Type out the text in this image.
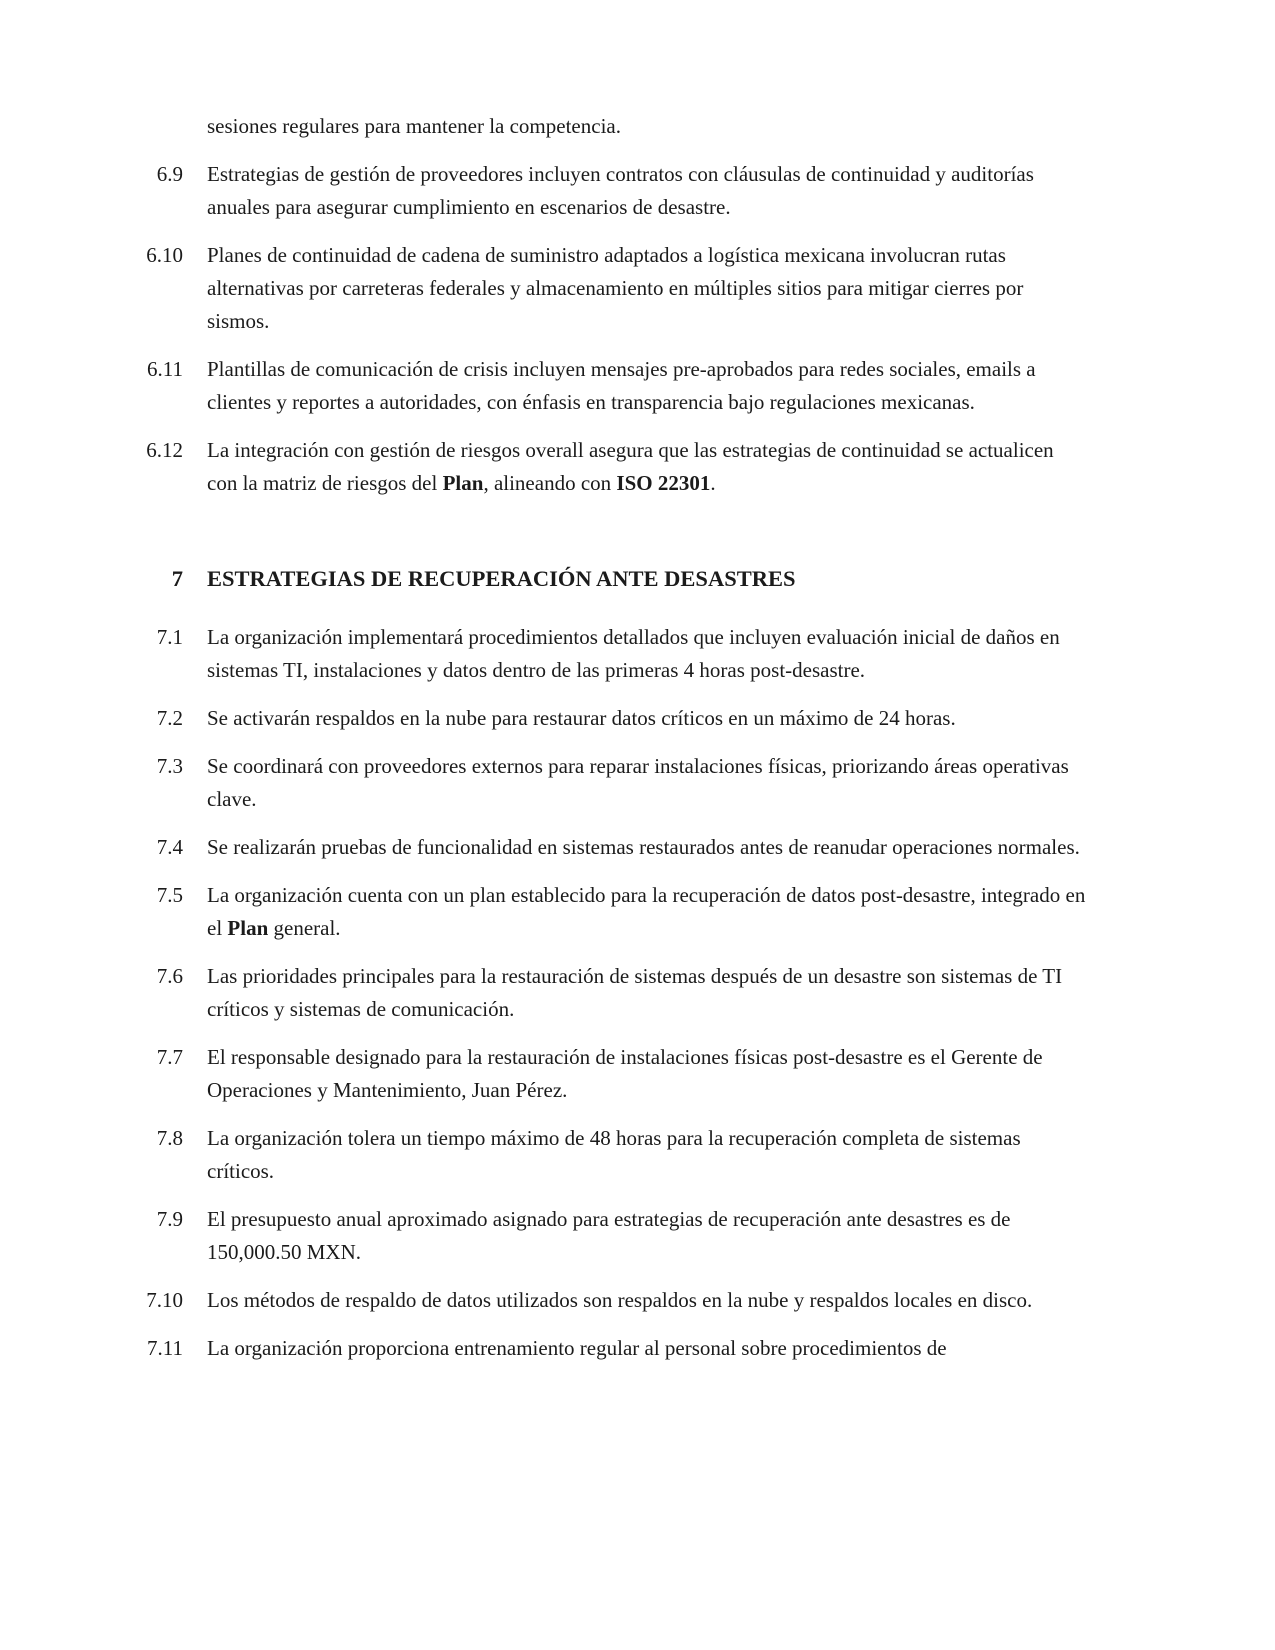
sesiones regulares para mantener la competencia.

6.9 Estrategias de gestión de proveedores incluyen contratos con cláusulas de continuidad y auditorías anuales para asegurar cumplimiento en escenarios de desastre.
6.10 Planes de continuidad de cadena de suministro adaptados a logística mexicana involucran rutas alternativas por carreteras federales y almacenamiento en múltiples sitios para mitigar cierres por sismos.
6.11 Plantillas de comunicación de crisis incluyen mensajes pre-aprobados para redes sociales, emails a clientes y reportes a autoridades, con énfasis en transparencia bajo regulaciones mexicanas.
6.12 La integración con gestión de riesgos overall asegura que las estrategias de continuidad se actualicen con la matriz de riesgos del Plan, alineando con ISO 22301.
7 ESTRATEGIAS DE RECUPERACIÓN ANTE DESASTRES
7.1 La organización implementará procedimientos detallados que incluyen evaluación inicial de daños en sistemas TI, instalaciones y datos dentro de las primeras 4 horas post-desastre.
7.2 Se activarán respaldos en la nube para restaurar datos críticos en un máximo de 24 horas.
7.3 Se coordinará con proveedores externos para reparar instalaciones físicas, priorizando áreas operativas clave.
7.4 Se realizarán pruebas de funcionalidad en sistemas restaurados antes de reanudar operaciones normales.
7.5 La organización cuenta con un plan establecido para la recuperación de datos post-desastre, integrado en el Plan general.
7.6 Las prioridades principales para la restauración de sistemas después de un desastre son sistemas de TI críticos y sistemas de comunicación.
7.7 El responsable designado para la restauración de instalaciones físicas post-desastre es el Gerente de Operaciones y Mantenimiento, Juan Pérez.
7.8 La organización tolera un tiempo máximo de 48 horas para la recuperación completa de sistemas críticos.
7.9 El presupuesto anual aproximado asignado para estrategias de recuperación ante desastres es de 150,000.50 MXN.
7.10 Los métodos de respaldo de datos utilizados son respaldos en la nube y respaldos locales en disco.
7.11 La organización proporciona entrenamiento regular al personal sobre procedimientos de
